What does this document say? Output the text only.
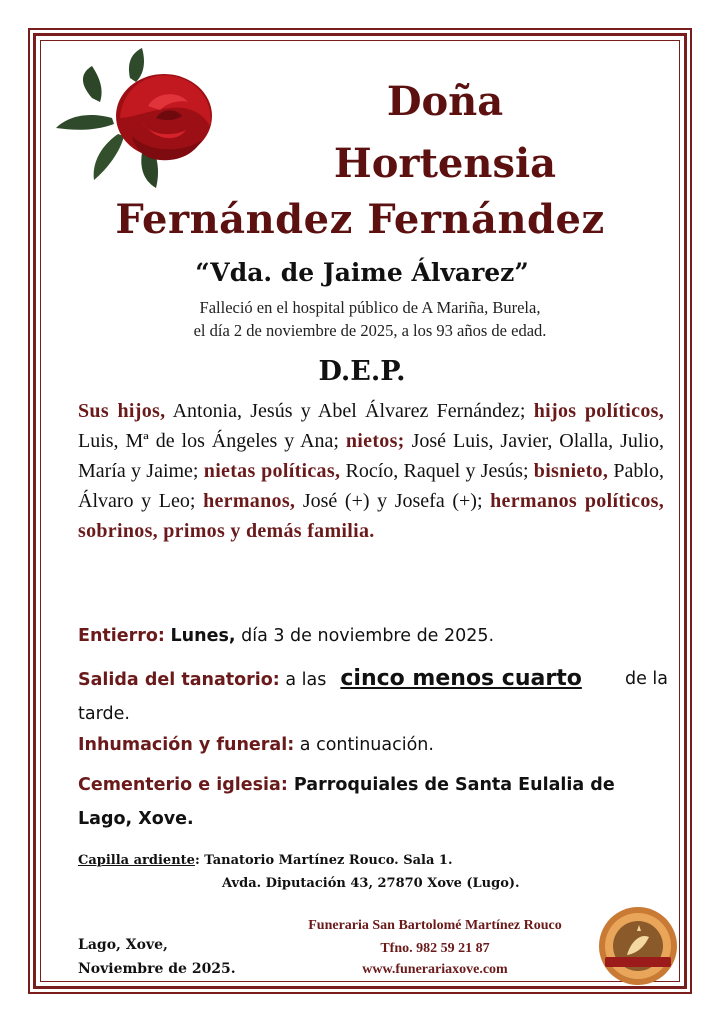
Doña
Hortensia
Fernández Fernández
“Vda. de Jaime Álvarez”
Falleció en el hospital público de A Mariña, Burela,
el día 2 de noviembre de 2025, a los 93 años de edad.
D.E.P.
Sus hijos, Antonia, Jesús y Abel Álvarez Fernández; hijos políticos, Luis, Mª de los Ángeles y Ana; nietos; José Luis, Javier, Olalla, Julio, María y Jaime; nietas políticas, Rocío, Raquel y Jesús; bisnieto, Pablo, Álvaro y Leo; hermanos, José (+) y Josefa (+); hermanos políticos, sobrinos, primos y demás familia.
Entierro: Lunes, día 3 de noviembre de 2025.
Salida del tanatorio: a las cinco menos cuarto de la

tarde.
Inhumación y funeral: a continuación.
Cementerio e iglesia: Parroquiales de Santa Eulalia de Lago, Xove.
Capilla ardiente: Tanatorio Martínez Rouco. Sala 1.
Avda. Diputación 43, 27870 Xove (Lugo).
Lago, Xove,
Noviembre de 2025.
Funeraria San Bartolomé Martínez Rouco
Tfno. 982 59 21 87
www.funerariaxove.com
